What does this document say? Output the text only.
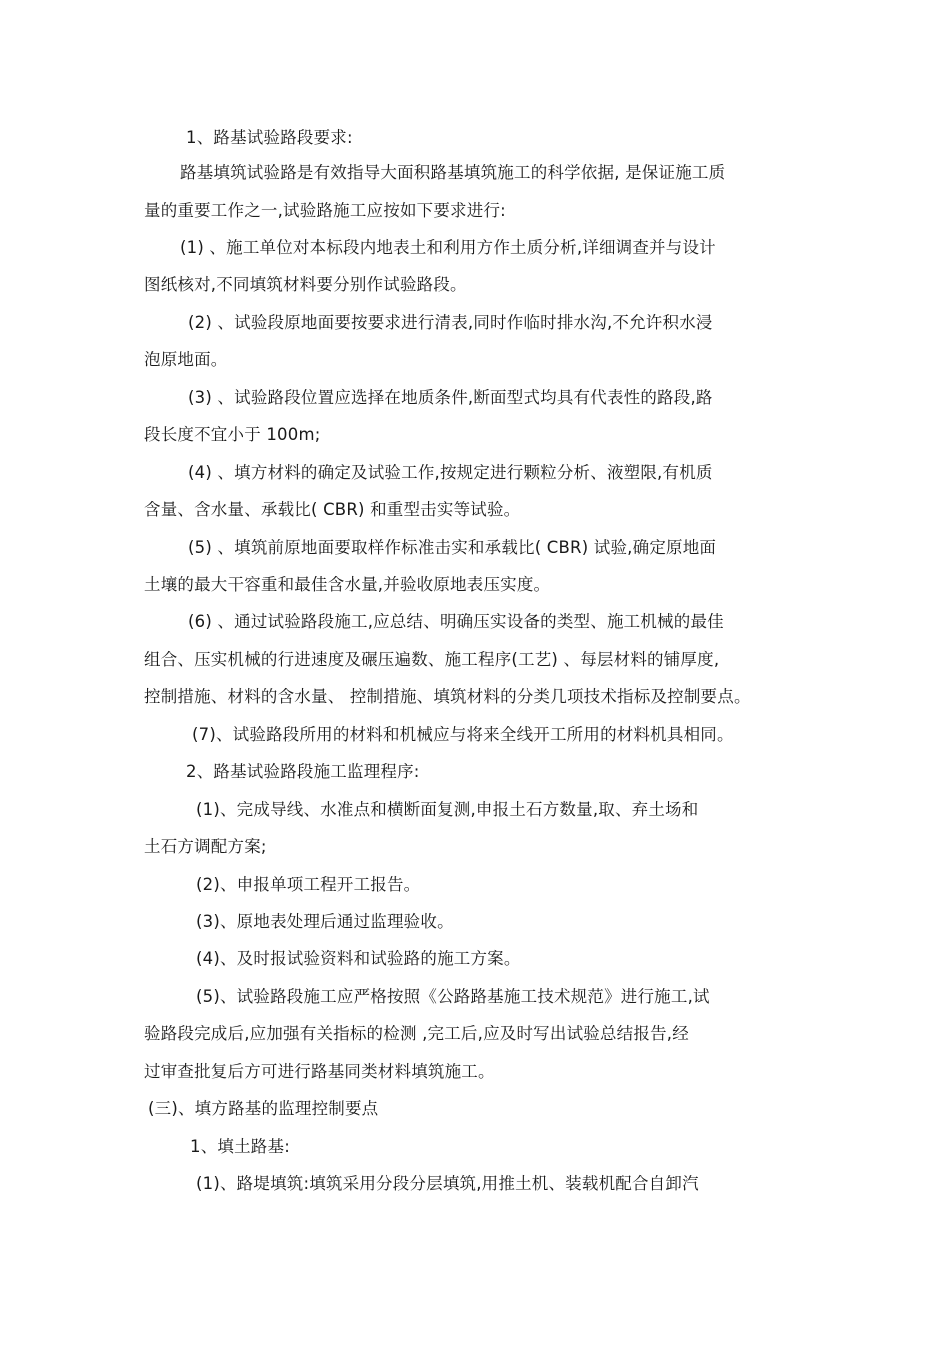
1、路基试验路段要求:
路基填筑试验路是有效指导大面积路基填筑施工的科学依据, 是保证施工质
量的重要工作之一,试验路施工应按如下要求进行:
(1) 、施工单位对本标段内地表土和利用方作土质分析,详细调查并与设计
图纸核对,不同填筑材料要分别作试验路段。
(2) 、试验段原地面要按要求进行清表,同时作临时排水沟,不允许积水浸
泡原地面。
(3) 、试验路段位置应选择在地质条件,断面型式均具有代表性的路段,路
段长度不宜小于 100m;
(4) 、填方材料的确定及试验工作,按规定进行颗粒分析、液塑限,有机质
含量、含水量、承载比( CBR) 和重型击实等试验。
(5) 、填筑前原地面要取样作标准击实和承载比( CBR) 试验,确定原地面
土壤的最大干容重和最佳含水量,并验收原地表压实度。
(6) 、通过试验路段施工,应总结、明确压实设备的类型、施工机械的最佳
组合、压实机械的行进速度及碾压遍数、施工程序(工艺) 、每层材料的铺厚度,
控制措施、材料的含水量、 控制措施、填筑材料的分类几项技术指标及控制要点。
(7)、试验路段所用的材料和机械应与将来全线开工所用的材料机具相同。
2、路基试验路段施工监理程序:
(1)、完成导线、水准点和横断面复测,申报土石方数量,取、弃土场和
土石方调配方案;
(2)、申报单项工程开工报告。
(3)、原地表处理后通过监理验收。
(4)、及时报试验资料和试验路的施工方案。
(5)、试验路段施工应严格按照《公路路基施工技术规范》进行施工,试
验路段完成后,应加强有关指标的检测 ,完工后,应及时写出试验总结报告,经
过审查批复后方可进行路基同类材料填筑施工。
(三)、填方路基的监理控制要点
1、填土路基:
(1)、路堤填筑:填筑采用分段分层填筑,用推土机、装载机配合自卸汽
